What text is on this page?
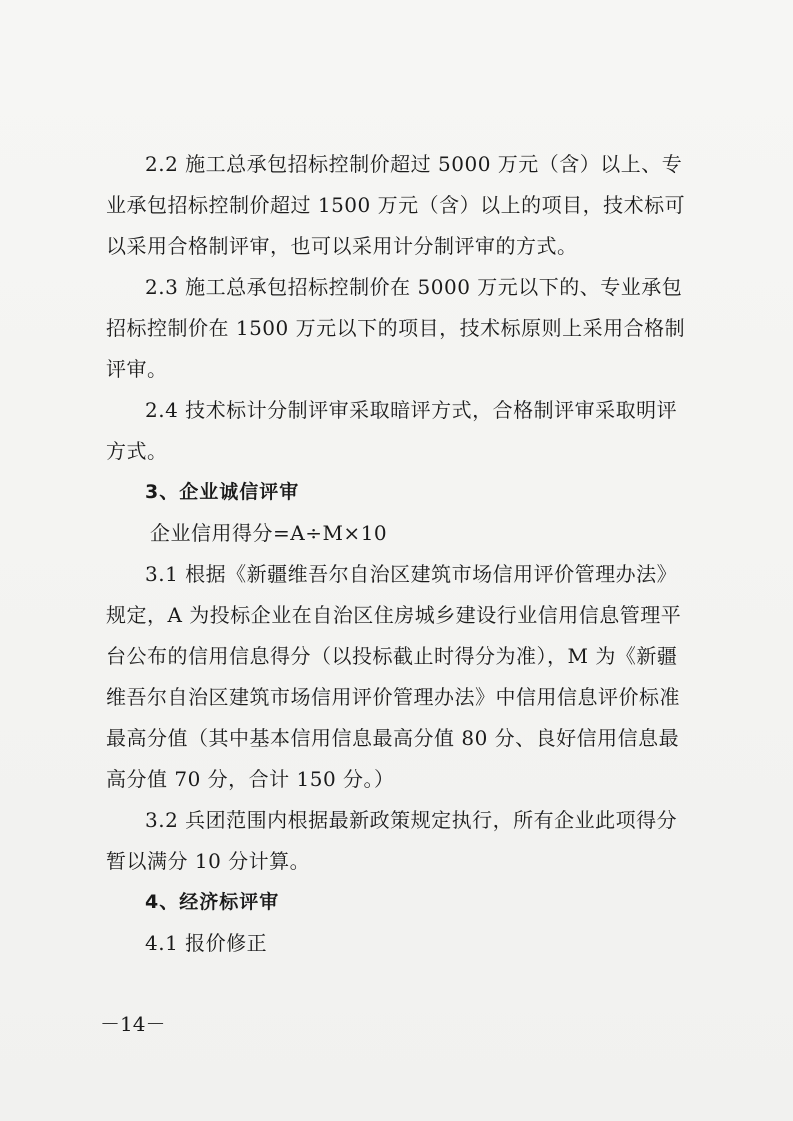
2.2 施工总承包招标控制价超过 5000 万元（含）以上、专
业承包招标控制价超过 1500 万元（含）以上的项目，技术标可
以采用合格制评审，也可以采用计分制评审的方式。
2.3 施工总承包招标控制价在 5000 万元以下的、专业承包
招标控制价在 1500 万元以下的项目，技术标原则上采用合格制
评审。
2.4 技术标计分制评审采取暗评方式，合格制评审采取明评
方式。
3、企业诚信评审
企业信用得分=A÷M×10
3.1 根据《新疆维吾尔自治区建筑市场信用评价管理办法》
规定，A 为投标企业在自治区住房城乡建设行业信用信息管理平
台公布的信用信息得分（以投标截止时得分为准），M 为《新疆
维吾尔自治区建筑市场信用评价管理办法》中信用信息评价标准
最高分值（其中基本信用信息最高分值 80 分、良好信用信息最
高分值 70 分，合计 150 分。）
3.2 兵团范围内根据最新政策规定执行，所有企业此项得分
暂以满分 10 分计算。
4、经济标评审
4.1 报价修正
－14－
